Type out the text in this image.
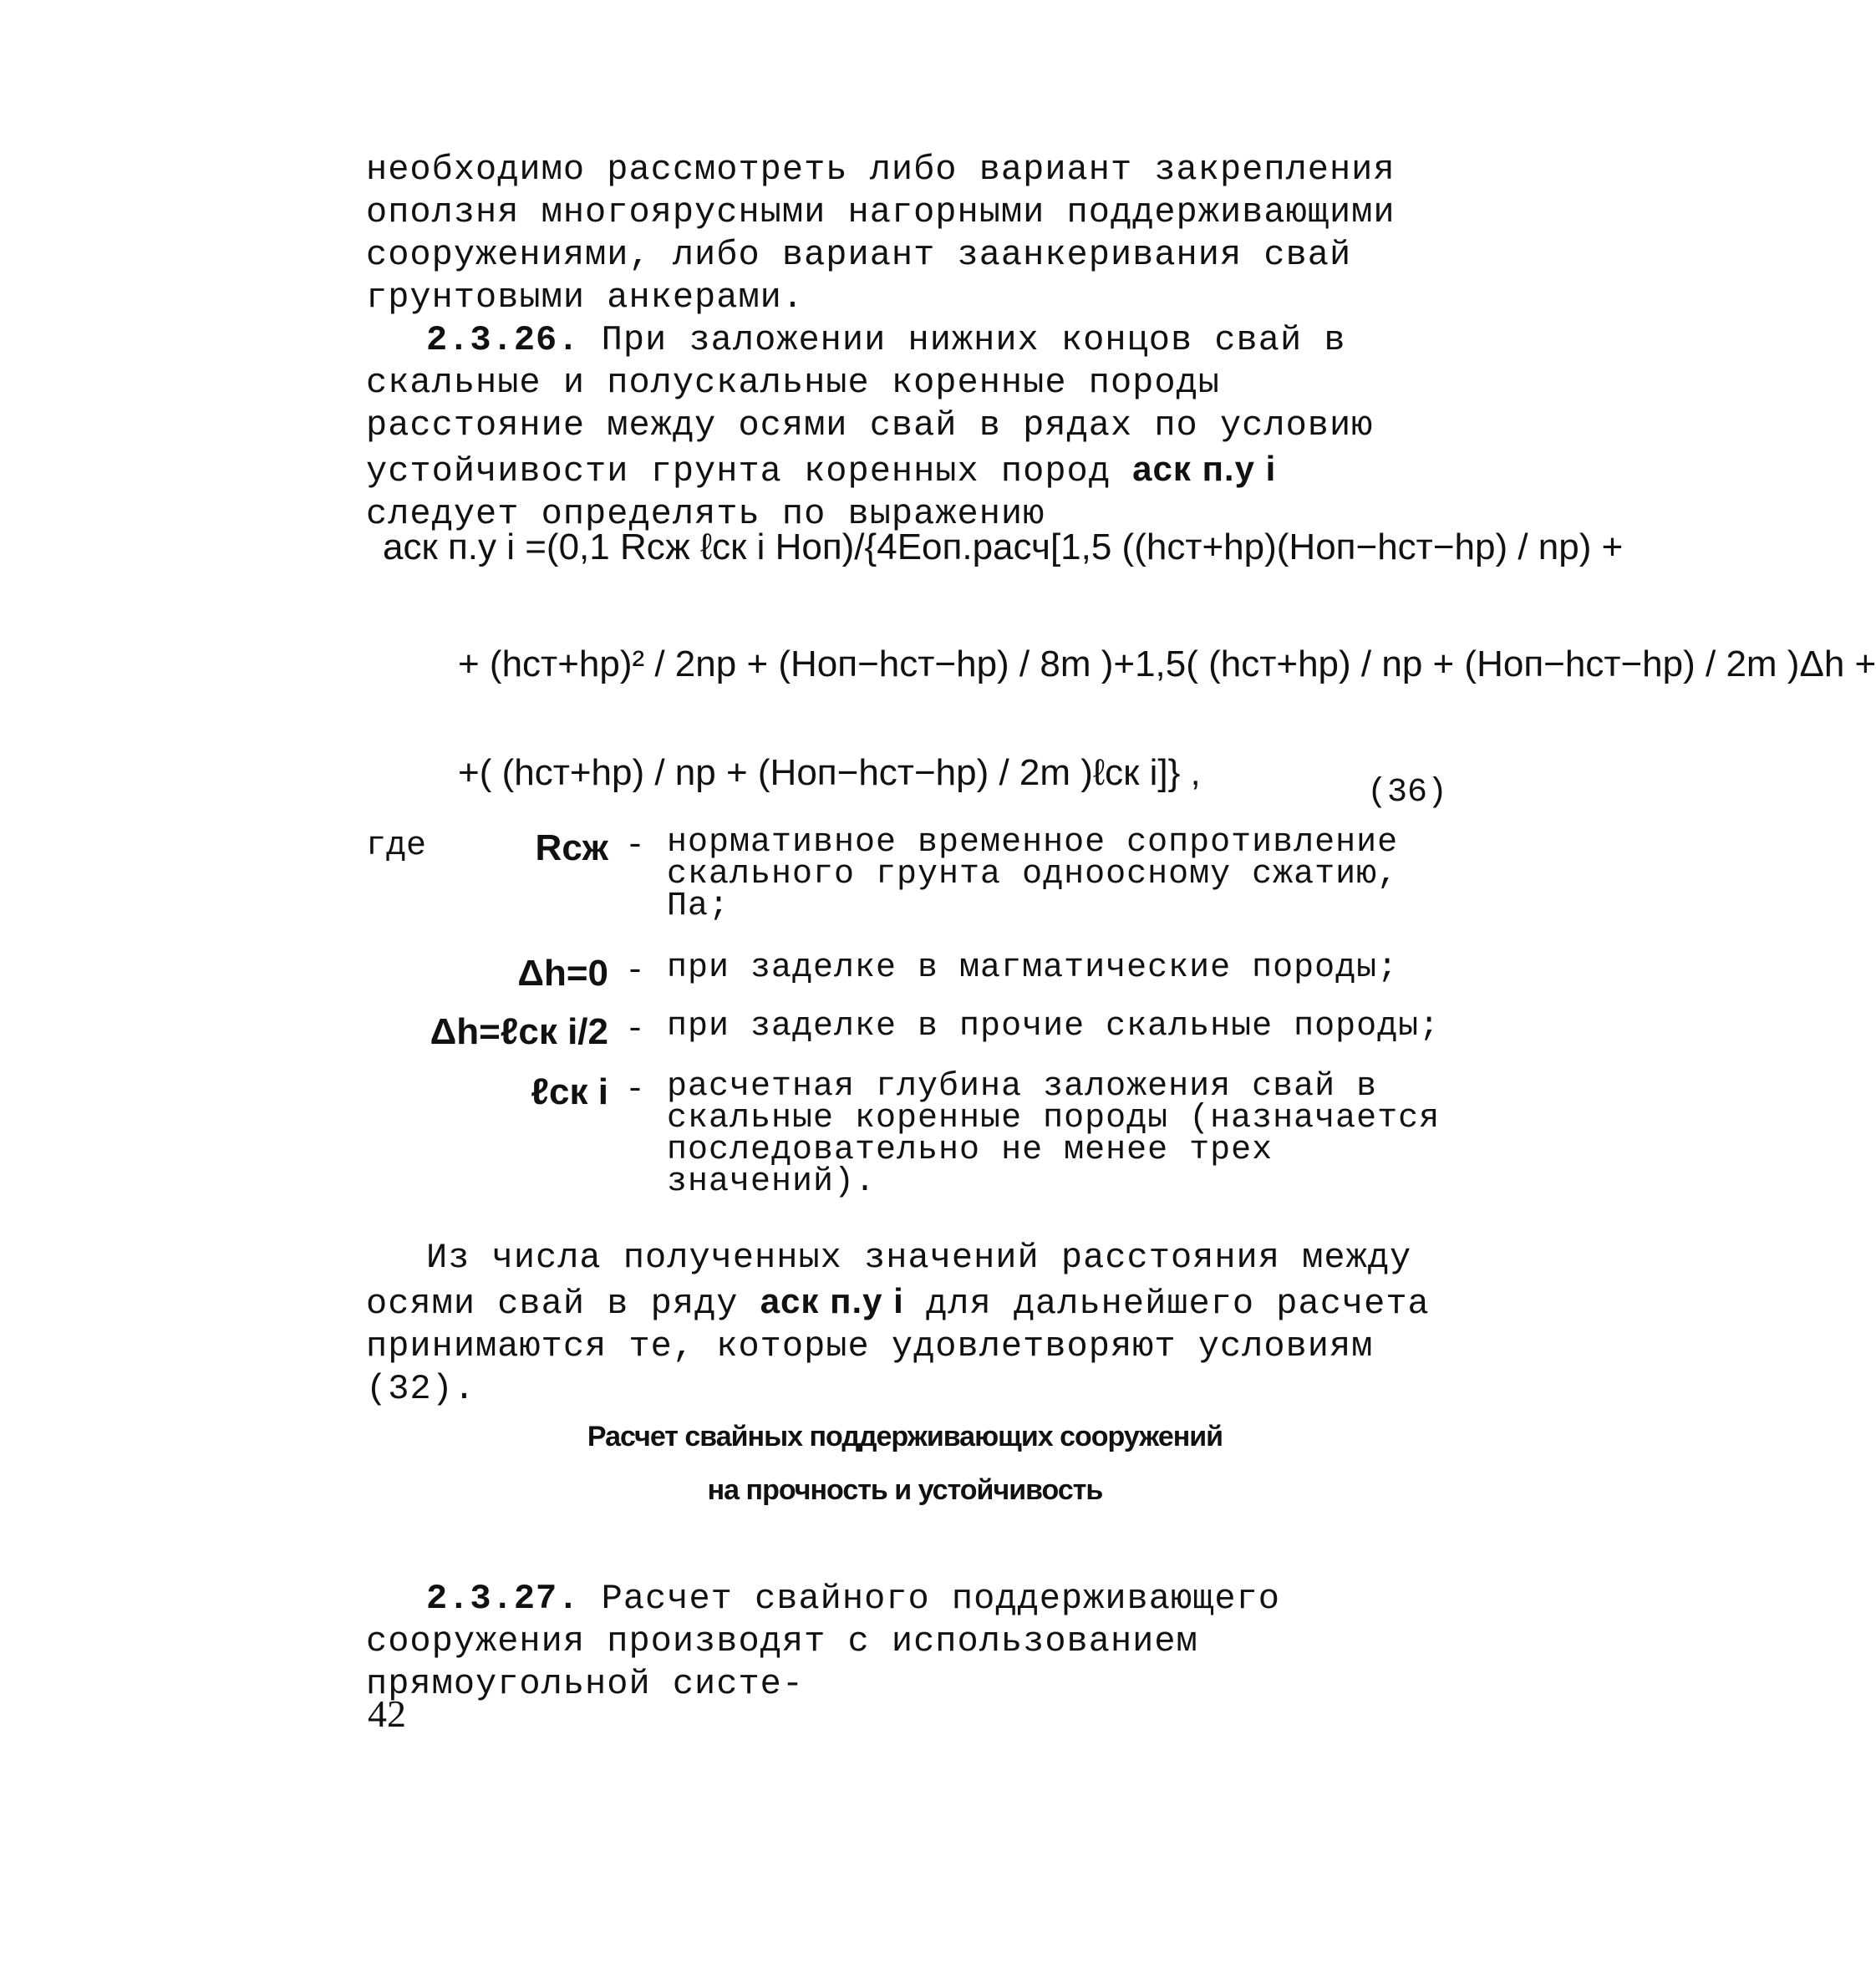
необходимо рассмотреть либо вариант закрепления оползня многоярусными нагорными поддерживающими сооружениями, либо вариант заанкеривания свай грунтовыми анкерами.

2.3.26. При заложении нижних концов свай в скальные и полускальные коренные породы расстояние между осями свай в рядах по условию устойчивости грунта коренных пород aск п.у i следует определять по выражению

aск п.у i =(0,1 Rсж ℓск i Hоп)/{4Eоп.расч[1,5 ((hст+hр)(Hоп−hст−hр) / nр) +
+ (hст+hр)² / 2nр + (Hоп−hст−hр) / 8m )+1,5( (hст+hр) / nр + (Hоп−hст−hр) / 2m )Δh +
+( (hст+hр) / nр + (Hоп−hст−hр) / 2m )ℓск i]} ,	(36)
где	Rсж - нормативное временное сопротивление скального грунта одноосному сжатию, Па;
Δh=0 - при заделке в магматические породы;
Δh=ℓск i/2 - при заделке в прочие скальные породы;
ℓск i - расчетная глубина заложения свай в скальные коренные породы (назначается последовательно не менее трех значений).

Из числа полученных значений расстояния между осями свай в ряду aск п.у i для дальнейшего расчета принимаются те, которые удовлетворяют условиям (32).

Расчет свайных поддерживающих сооружений
на прочность и устойчивость

2.3.27. Расчет свайного поддерживающего сооружения производят с использованием прямоугольной систе-

42
